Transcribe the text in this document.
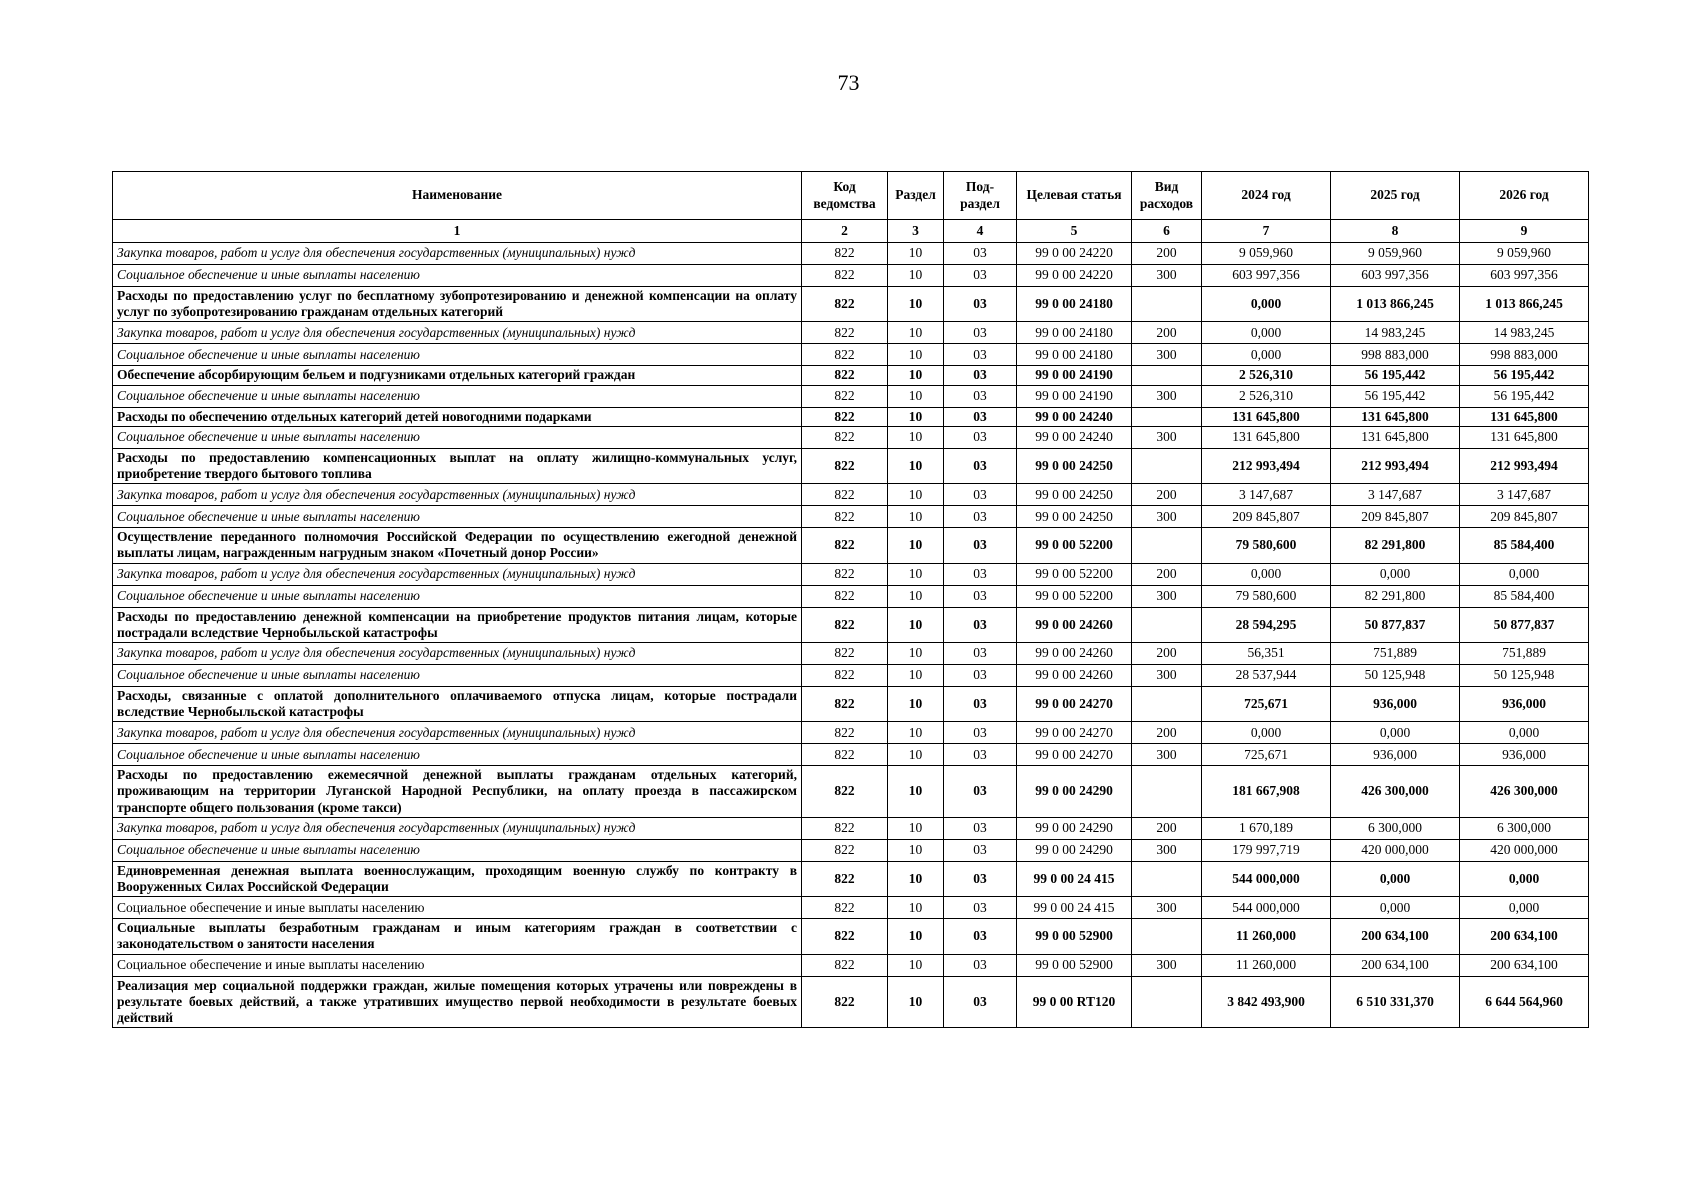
73
Наименование	Код ведомства	Раздел	Под-раздел	Целевая статья	Вид расходов	2024 год	2025 год	2026 год
1	2	3	4	5	6	7	8	9
Закупка товаров, работ и услуг для обеспечения государственных (муниципальных) нужд	822	10	03	99 0 00 24220	200	9 059,960	9 059,960	9 059,960
Социальное обеспечение и иные выплаты населению	822	10	03	99 0 00 24220	300	603 997,356	603 997,356	603 997,356
Расходы по предоставлению услуг по бесплатному зубопротезированию и денежной компенсации на оплату услуг по зубопротезированию гражданам отдельных категорий	822	10	03	99 0 00 24180		0,000	1 013 866,245	1 013 866,245
Закупка товаров, работ и услуг для обеспечения государственных (муниципальных) нужд	822	10	03	99 0 00 24180	200	0,000	14 983,245	14 983,245
Социальное обеспечение и иные выплаты населению	822	10	03	99 0 00 24180	300	0,000	998 883,000	998 883,000
Обеспечение абсорбирующим бельем и подгузниками отдельных категорий граждан	822	10	03	99 0 00 24190		2 526,310	56 195,442	56 195,442
Социальное обеспечение и иные выплаты населению	822	10	03	99 0 00 24190	300	2 526,310	56 195,442	56 195,442
Расходы по обеспечению отдельных категорий детей новогодними подарками	822	10	03	99 0 00 24240		131 645,800	131 645,800	131 645,800
Социальное обеспечение и иные выплаты населению	822	10	03	99 0 00 24240	300	131 645,800	131 645,800	131 645,800
Расходы по предоставлению компенсационных выплат на оплату жилищно-коммунальных услуг, приобретение твердого бытового топлива	822	10	03	99 0 00 24250		212 993,494	212 993,494	212 993,494
Закупка товаров, работ и услуг для обеспечения государственных (муниципальных) нужд	822	10	03	99 0 00 24250	200	3 147,687	3 147,687	3 147,687
Социальное обеспечение и иные выплаты населению	822	10	03	99 0 00 24250	300	209 845,807	209 845,807	209 845,807
Осуществление переданного полномочия Российской Федерации по осуществлению ежегодной денежной выплаты лицам, награжденным нагрудным знаком «Почетный донор России»	822	10	03	99 0 00 52200		79 580,600	82 291,800	85 584,400
Закупка товаров, работ и услуг для обеспечения государственных (муниципальных) нужд	822	10	03	99 0 00 52200	200	0,000	0,000	0,000
Социальное обеспечение и иные выплаты населению	822	10	03	99 0 00 52200	300	79 580,600	82 291,800	85 584,400
Расходы по предоставлению денежной компенсации на приобретение продуктов питания лицам, которые пострадали вследствие Чернобыльской катастрофы	822	10	03	99 0 00 24260		28 594,295	50 877,837	50 877,837
Закупка товаров, работ и услуг для обеспечения государственных (муниципальных) нужд	822	10	03	99 0 00 24260	200	56,351	751,889	751,889
Социальное обеспечение и иные выплаты населению	822	10	03	99 0 00 24260	300	28 537,944	50 125,948	50 125,948
Расходы, связанные с оплатой дополнительного оплачиваемого отпуска лицам, которые пострадали вследствие Чернобыльской катастрофы	822	10	03	99 0 00 24270		725,671	936,000	936,000
Закупка товаров, работ и услуг для обеспечения государственных (муниципальных) нужд	822	10	03	99 0 00 24270	200	0,000	0,000	0,000
Социальное обеспечение и иные выплаты населению	822	10	03	99 0 00 24270	300	725,671	936,000	936,000
Расходы по предоставлению ежемесячной денежной выплаты гражданам отдельных категорий, проживающим на территории Луганской Народной Республики, на оплату проезда в пассажирском транспорте общего пользования (кроме такси)	822	10	03	99 0 00 24290		181 667,908	426 300,000	426 300,000
Закупка товаров, работ и услуг для обеспечения государственных (муниципальных) нужд	822	10	03	99 0 00 24290	200	1 670,189	6 300,000	6 300,000
Социальное обеспечение и иные выплаты населению	822	10	03	99 0 00 24290	300	179 997,719	420 000,000	420 000,000
Единовременная денежная выплата военнослужащим, проходящим военную службу по контракту в Вооруженных Силах Российской Федерации	822	10	03	99 0 00 24 415		544 000,000	0,000	0,000
Социальное обеспечение и иные выплаты населению	822	10	03	99 0 00 24 415	300	544 000,000	0,000	0,000
Социальные выплаты безработным гражданам и иным категориям граждан в соответствии с законодательством о занятости населения	822	10	03	99 0 00 52900		11 260,000	200 634,100	200 634,100
Социальное обеспечение и иные выплаты населению	822	10	03	99 0 00 52900	300	11 260,000	200 634,100	200 634,100
Реализация мер социальной поддержки граждан, жилые помещения которых утрачены или повреждены в результате боевых действий, а также утративших имущество первой необходимости в результате боевых действий	822	10	03	99 0 00 RT120		3 842 493,900	6 510 331,370	6 644 564,960
